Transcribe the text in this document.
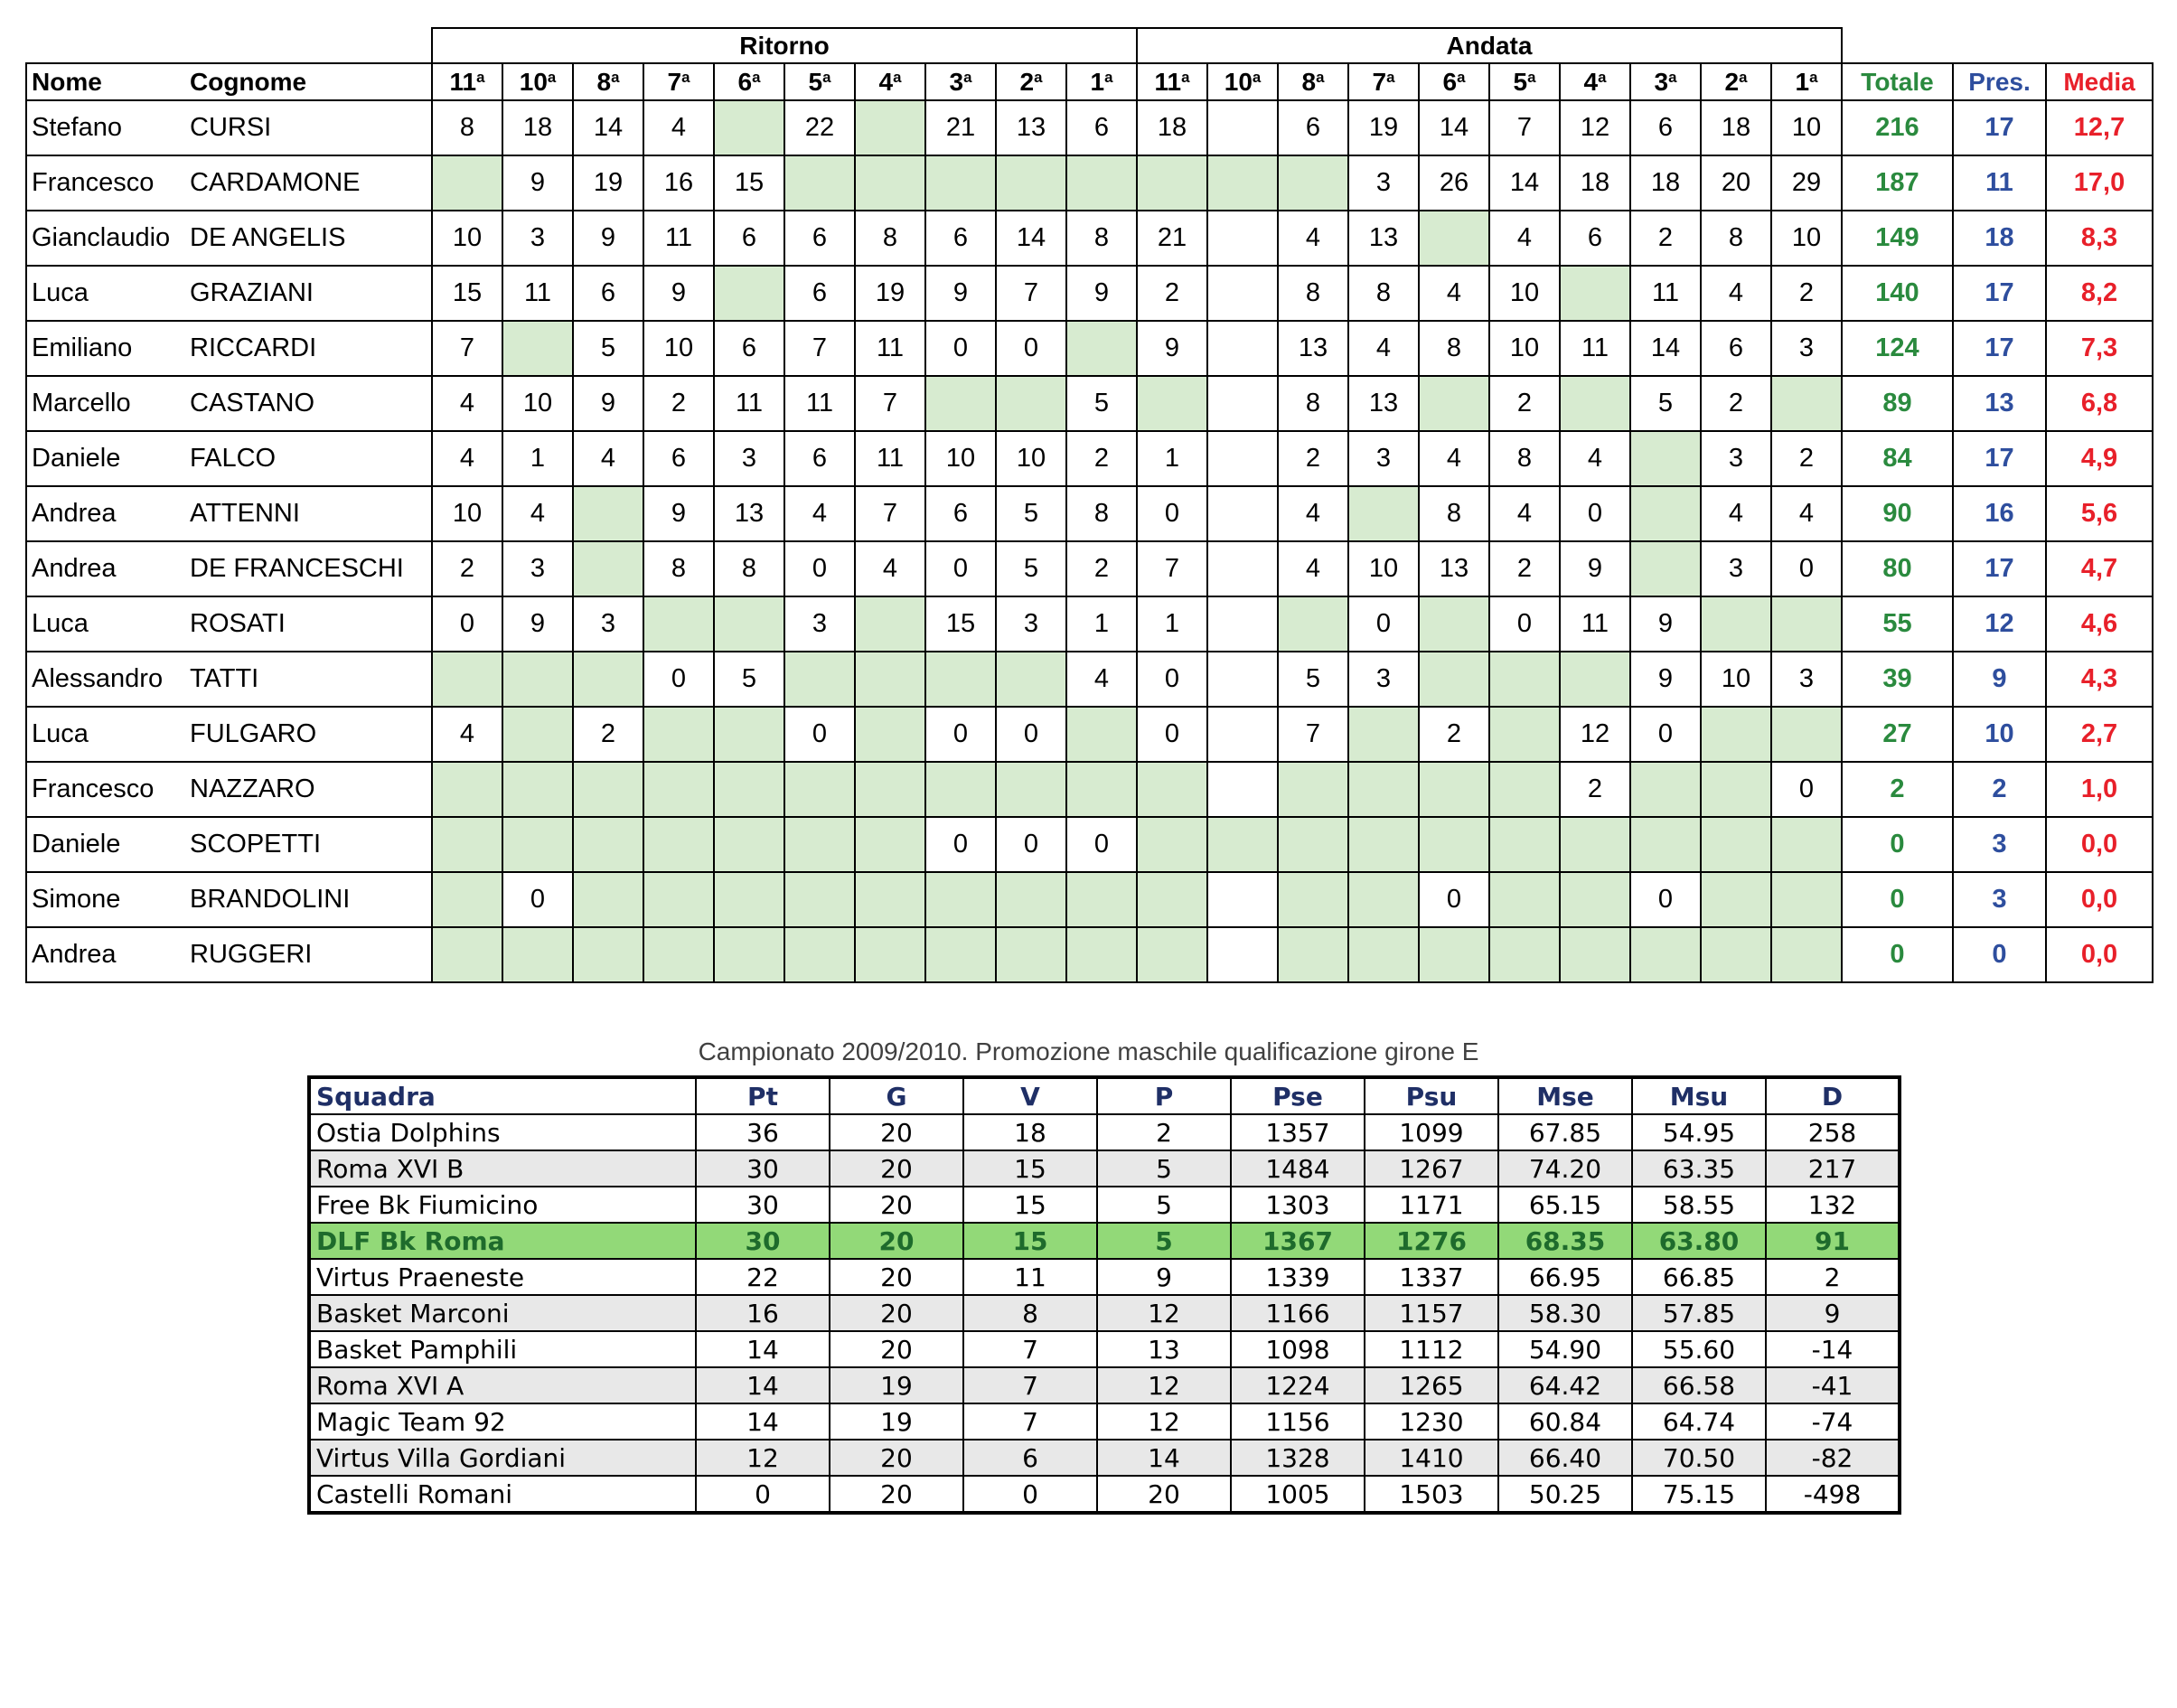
		Ritorno										Andata												
Nome	Cognome	11$^a$	10$^a$	8$^a$	7$^a$	6$^a$	5$^a$	4$^a$	3$^a$	2$^a$	1$^a$	11$^a$	10$^a$	8$^a$	7$^a$	6$^a$	5$^a$	4$^a$	3$^a$	2$^a$	1$^a$	Totale	Pres.	Media
Stefano	CURSI	8	18	14	4		22		21	13	6	18		6	19	14	7	12	6	18	10	216	17	12,7
Francesco	CARDAMONE		9	19	16	15									3	26	14	18	18	20	29	187	11	17,0
Gianclaudio	DE ANGELIS	10	3	9	11	6	6	8	6	14	8	21		4	13		4	6	2	8	10	149	18	8,3
Luca	GRAZIANI	15	11	6	9		6	19	9	7	9	2		8	8	4	10		11	4	2	140	17	8,2
Emiliano	RICCARDI	7		5	10	6	7	11	0	0		9		13	4	8	10	11	14	6	3	124	17	7,3
Marcello	CASTANO	4	10	9	2	11	11	7			5			8	13		2		5	2		89	13	6,8
Daniele	FALCO	4	1	4	6	3	6	11	10	10	2	1		2	3	4	8	4		3	2	84	17	4,9
Andrea	ATTENNI	10	4		9	13	4	7	6	5	8	0		4		8	4	0		4	4	90	16	5,6
Andrea	DE FRANCESCHI	2	3		8	8	0	4	0	5	2	7		4	10	13	2	9		3	0	80	17	4,7
Luca	ROSATI	0	9	3			3		15	3	1	1			0		0	11	9			55	12	4,6
Alessandro	TATTI				0	5					4	0		5	3				9	10	3	39	9	4,3
Luca	FULGARO	4		2			0		0	0		0		7		2		12	0			27	10	2,7
Francesco	NAZZARO																	2			0	2	2	1,0
Daniele	SCOPETTI								0	0	0											0	3	0,0
Simone	BRANDOLINI		0													0			0			0	3	0,0
Andrea	RUGGERI																					0	0	0,0
Campionato 2009/2010. Promozione maschile qualificazione girone E
Squadra	Pt	G	V	P	Pse	Psu	Mse	Msu	D
Ostia Dolphins	36	20	18	2	1357	1099	67.85	54.95	258
Roma XVI B	30	20	15	5	1484	1267	74.20	63.35	217
Free Bk Fiumicino	30	20	15	5	1303	1171	65.15	58.55	132
DLF Bk Roma	30	20	15	5	1367	1276	68.35	63.80	91
Virtus Praeneste	22	20	11	9	1339	1337	66.95	66.85	2
Basket Marconi	16	20	8	12	1166	1157	58.30	57.85	9
Basket Pamphili	14	20	7	13	1098	1112	54.90	55.60	-14
Roma XVI A	14	19	7	12	1224	1265	64.42	66.58	-41
Magic Team 92	14	19	7	12	1156	1230	60.84	64.74	-74
Virtus Villa Gordiani	12	20	6	14	1328	1410	66.40	70.50	-82
Castelli Romani	0	20	0	20	1005	1503	50.25	75.15	-498
